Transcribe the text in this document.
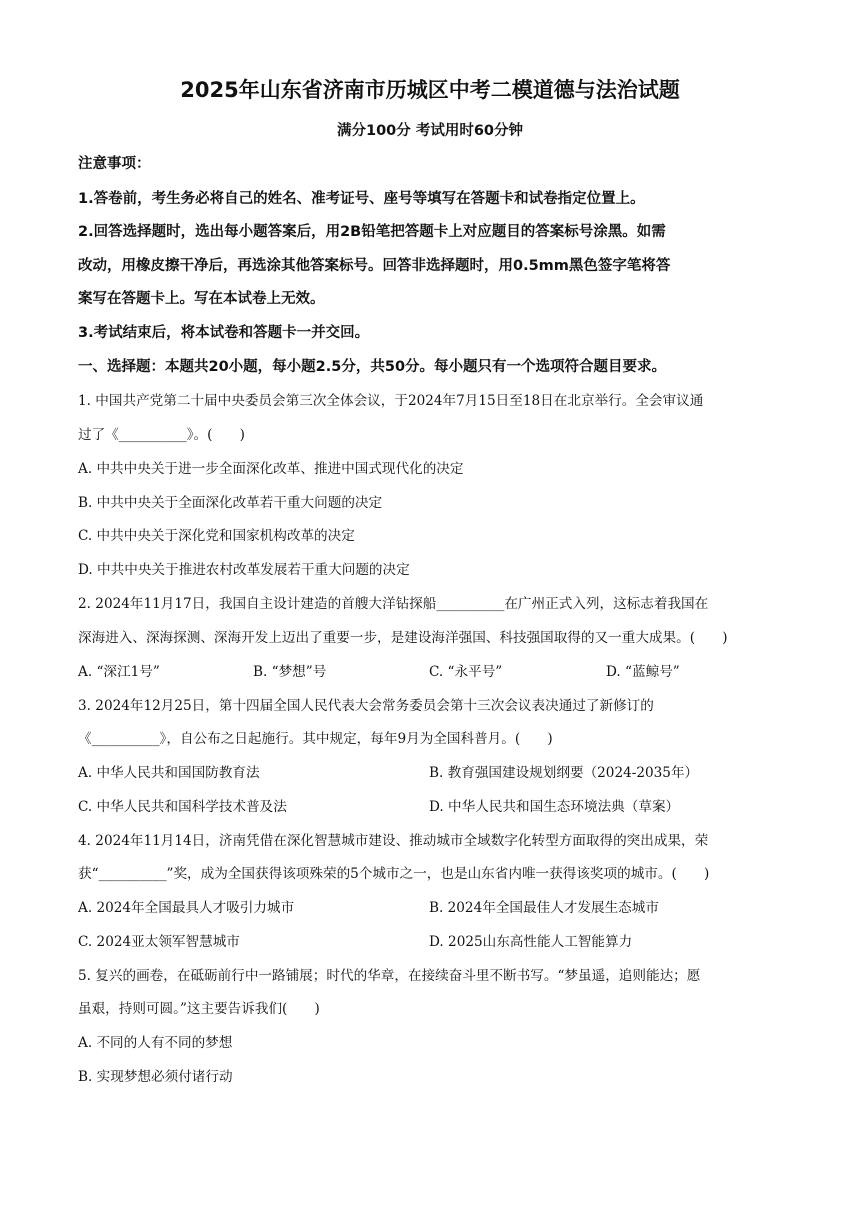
2025年山东省济南市历城区中考二模道德与法治试题
满分100分 考试用时60分钟
注意事项：
1.答卷前，考生务必将自己的姓名、准考证号、座号等填写在答题卡和试卷指定位置上。
2.回答选择题时，选出每小题答案后，用2B铅笔把答题卡上对应题目的答案标号涂黑。如需
改动，用橡皮擦干净后，再选涂其他答案标号。回答非选择题时，用0.5mm黑色签字笔将答
案写在答题卡上。写在本试卷上无效。
3.考试结束后，将本试卷和答题卡一并交回。
一、选择题：本题共20小题，每小题2.5分，共50分。每小题只有一个选项符合题目要求。
1. 中国共产党第二十届中央委员会第三次全体会议，于2024年7月15日至18日在北京举行。全会审议通
过了《__________》。(　　)
A. 中共中央关于进一步全面深化改革、推进中国式现代化的决定
B. 中共中央关于全面深化改革若干重大问题的决定
C. 中共中央关于深化党和国家机构改革的决定
D. 中共中央关于推进农村改革发展若干重大问题的决定
2. 2024年11月17日，我国自主设计建造的首艘大洋钻探船__________在广州正式入列，这标志着我国在
深海进入、深海探测、深海开发上迈出了重要一步，是建设海洋强国、科技强国取得的又一重大成果。(　　)
A. “深江1号”	B. “梦想”号	C. “永平号”	D. “蓝鲸号”
3. 2024年12月25日，第十四届全国人民代表大会常务委员会第十三次会议表决通过了新修订的
《__________》，自公布之日起施行。其中规定，每年9月为全国科普月。(　　)
A. 中华人民共和国国防教育法	B. 教育强国建设规划纲要（2024-2035年）
C. 中华人民共和国科学技术普及法	D. 中华人民共和国生态环境法典（草案）
4. 2024年11月14日，济南凭借在深化智慧城市建设、推动城市全域数字化转型方面取得的突出成果，荣
获“__________”奖，成为全国获得该项殊荣的5个城市之一，也是山东省内唯一获得该奖项的城市。(　　)
A. 2024年全国最具人才吸引力城市	B. 2024年全国最佳人才发展生态城市
C. 2024亚太领军智慧城市	D. 2025山东高性能人工智能算力
5. 复兴的画卷，在砥砺前行中一路铺展；时代的华章，在接续奋斗里不断书写。“梦虽遥，追则能达；愿
虽艰，持则可圆。”这主要告诉我们(　　)
A. 不同的人有不同的梦想
B. 实现梦想必须付诸行动
